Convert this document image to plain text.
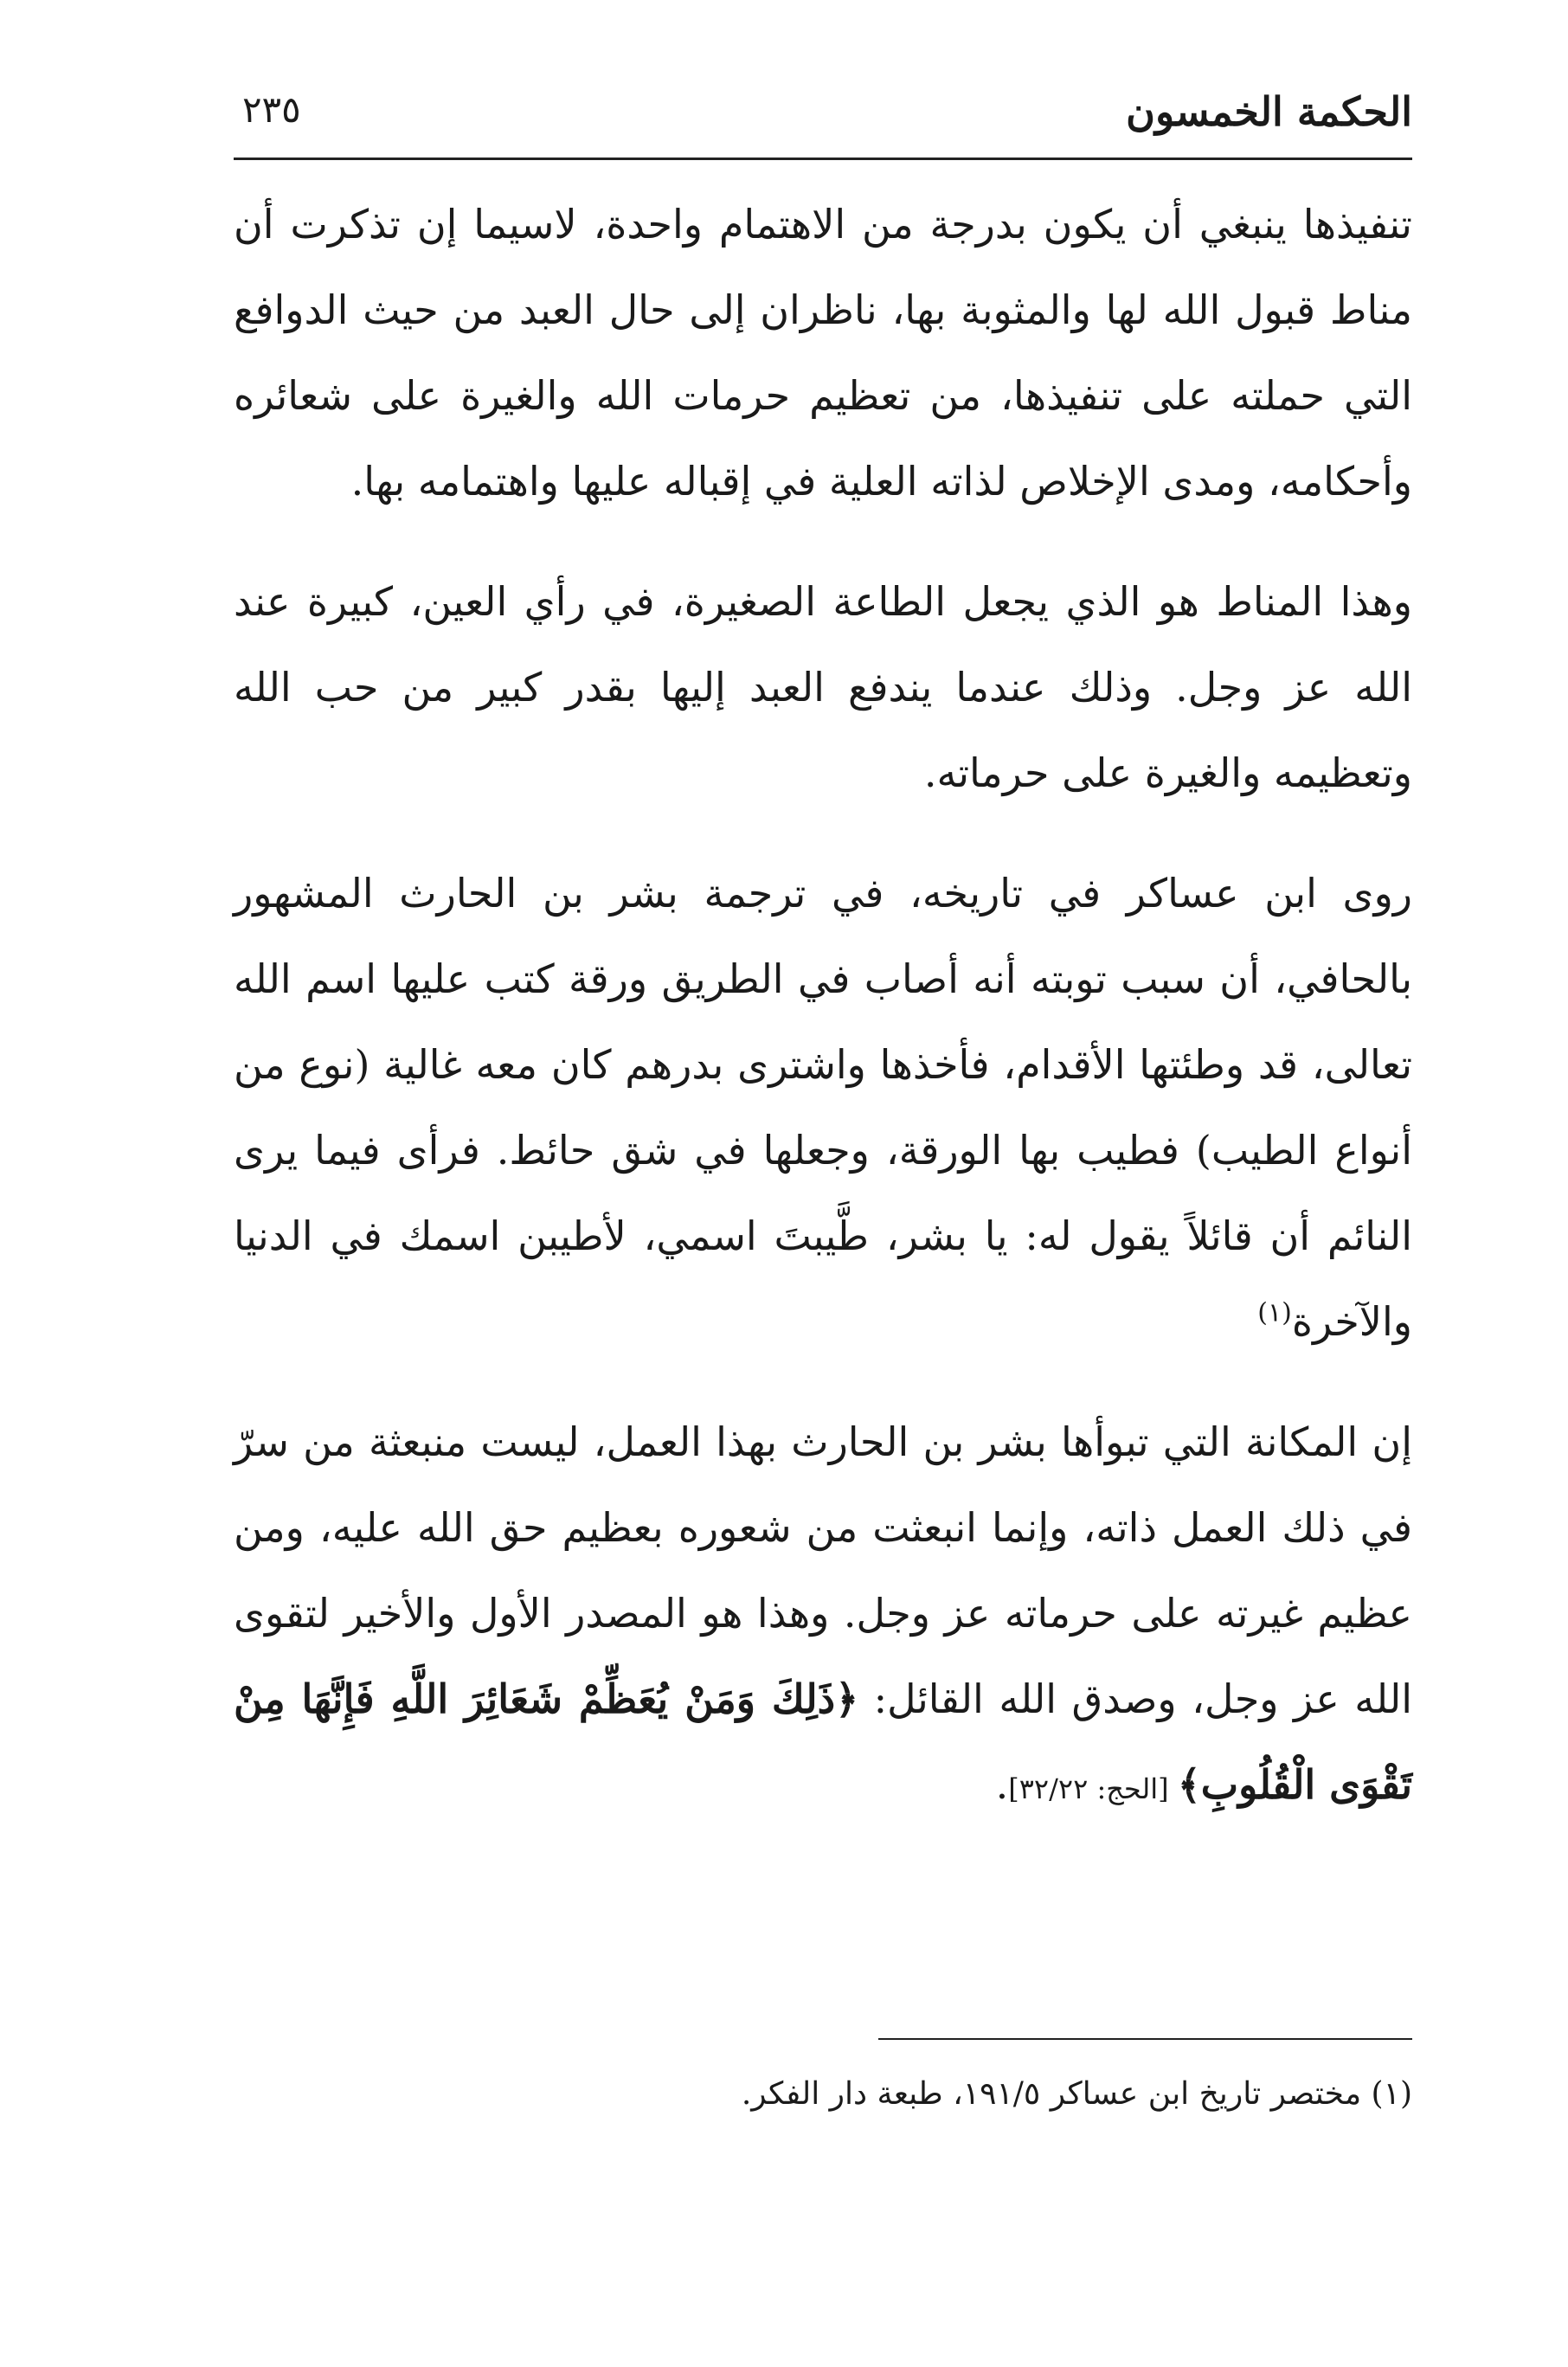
الحكمة الخمسون
٢٣٥

تنفيذها ينبغي أن يكون بدرجة من الاهتمام واحدة، لاسيما إن تذكرت أن مناط قبول الله لها والمثوبة بها، ناظران إلى حال العبد من حيث الدوافع التي حملته على تنفيذها، من تعظيم حرمات الله والغيرة على شعائره وأحكامه، ومدى الإخلاص لذاته العلية في إقباله عليها واهتمامه بها.

وهذا المناط هو الذي يجعل الطاعة الصغيرة، في رأي العين، كبيرة عند الله عز وجل. وذلك عندما يندفع العبد إليها بقدر كبير من حب الله وتعظيمه والغيرة على حرماته.

روى ابن عساكر في تاريخه، في ترجمة بشر بن الحارث المشهور بالحافي، أن سبب توبته أنه أصاب في الطريق ورقة كتب عليها اسم الله تعالى، قد وطئتها الأقدام، فأخذها واشترى بدرهم كان معه غالية (نوع من أنواع الطيب) فطيب بها الورقة، وجعلها في شق حائط. فرأى فيما يرى النائم أن قائلاً يقول له: يا بشر، طَّيبتَ اسمي، لأطيبن اسمك في الدنيا والآخرة$^{(١)}$

إن المكانة التي تبوأها بشر بن الحارث بهذا العمل، ليست منبعثة من سرّ في ذلك العمل ذاته، وإنما انبعثت من شعوره بعظيم حق الله عليه، ومن عظيم غيرته على حرماته عز وجل. وهذا هو المصدر الأول والأخير لتقوى الله عز وجل، وصدق الله القائل: ﴿ذَلِكَ وَمَنْ يُعَظِّمْ شَعَائِرَ اللَّهِ فَإِنَّهَا مِنْ تَقْوَى الْقُلُوبِ﴾ [الحج: ٣٢/٢٢].

(١) مختصر تاريخ ابن عساكر ١٩١/٥، طبعة دار الفكر.
